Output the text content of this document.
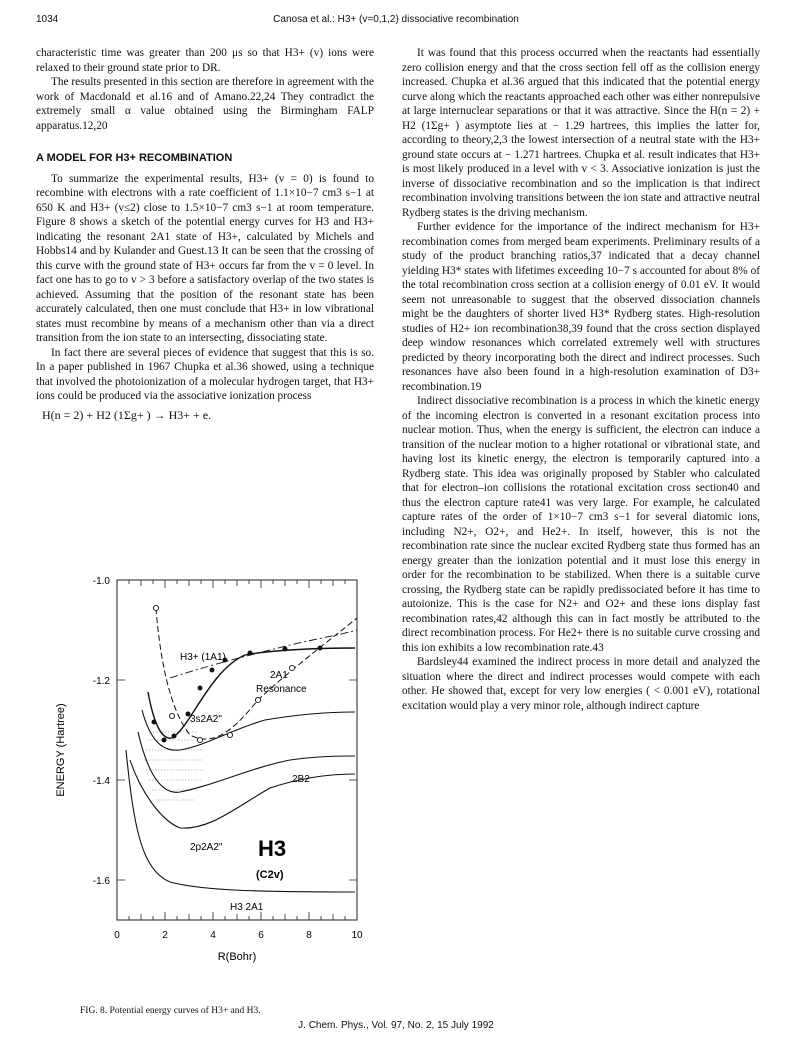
1034	Canosa et al.: H3+ (v=0,1,2) dissociative recombination

characteristic time was greater than 200 μs so that H3+ (v) ions were relaxed to their ground state prior to DR.

The results presented in this section are therefore in agreement with the work of Macdonald et al.16 and of Amano.22,24 They contradict the extremely small α value obtained using the Birmingham FALP apparatus.12,20

A MODEL FOR H3+ RECOMBINATION

To summarize the experimental results, H3+ (v = 0) is found to recombine with electrons with a rate coefficient of 1.1×10−7 cm3 s−1 at 650 K and H3+ (v≤2) close to 1.5×10−7 cm3 s−1 at room temperature. Figure 8 shows a sketch of the potential energy curves for H3 and H3+ indicating the resonant 2A1 state of H3+, calculated by Michels and Hobbs14 and by Kulander and Guest.13 It can be seen that the crossing of this curve with the ground state of H3+ occurs far from the v = 0 level. In fact one has to go to v > 3 before a satisfactory overlap of the two states is achieved. Assuming that the position of the resonant state has been accurately calculated, then one must conclude that H3+ in low vibrational states must recombine by means of a mechanism other than via a direct transition from the ion state to an intersecting, dissociating state.

In fact there are several pieces of evidence that suggest that this is so. In a paper published in 1967 Chupka et al.36 showed, using a technique that involved the photoionization of a molecular hydrogen target, that H3+ ions could be produced via the associative ionization process

H(n = 2) + H2 (1Σg+ ) → H3+ + e.

It was found that this process occurred when the reactants had essentially zero collision energy and that the cross section fell off as the collision energy increased. Chupka et al.36 argued that this indicated that the potential energy curve along which the reactants approached each other was either nonrepulsive at large internuclear separations or that it was attractive. Since the H(n = 2) + H2 (1Σg+ ) asymptote lies at − 1.29 hartrees, this implies the latter for, according to theory,2,3 the lowest intersection of a neutral state with the H3+ ground state occurs at − 1.271 hartrees. Chupka et al. result indicates that H3+ is most likely produced in a level with v < 3. Associative ionization is just the inverse of dissociative recombination and so the implication is that indirect recombination involving transitions between the ion state and attractive neutral Rydberg states is the driving mechanism.

Further evidence for the importance of the indirect mechanism for H3+ recombination comes from merged beam experiments. Preliminary results of a study of the product branching ratios,37 indicated that a decay channel yielding H3* states with lifetimes exceeding 10−7 s accounted for about 8% of the total recombination cross section at a collision energy of 0.01 eV. It would seem not unreasonable to suggest that the observed dissociation channels might be the daughters of shorter lived H3* Rydberg states. High-resolution studies of H2+ ion recombination38,39 found that the cross section displayed deep window resonances which correlated extremely well with structures predicted by theory incorporating both the direct and indirect processes. Such resonances have also been found in a high-resolution examination of D3+ recombination.19

Indirect dissociative recombination is a process in which the kinetic energy of the incoming electron is converted in a resonant excitation process into nuclear motion. Thus, when the energy is sufficient, the electron can induce a transition of the nuclear motion to a higher rotational or vibrational state, and having lost its kinetic energy, the electron is temporarily captured into a Rydberg state. This idea was originally proposed by Stabler who calculated that for electron–ion collisions the rotational excitation cross section40 and thus the electron capture rate41 was very large. For example, he calculated capture rates of the order of 1×10−7 cm3 s−1 for several diatomic ions, including N2+, O2+, and He2+. In itself, however, this is not the recombination rate since the nuclear excited Rydberg state thus formed has an energy greater than the ionization potential and it must lose this energy in order for the recombination to be stabilized. When there is a suitable curve crossing, the Rydberg state can be rapidly predissociated before it has time to autoionize. This is the case for N2+ and O2+ and these ions display fast recombination rates,42 although this can in fact mostly be attributed to the direct recombination process. For He2+ there is no suitable curve crossing and this ion exhibits a low recombination rate.43

Bardsley44 examined the indirect process in more detail and analyzed the situation where the direct and indirect processes would compete with each other. He showed that, except for very low energies ( < 0.001 eV), rotational excitation would play a very minor role, although indirect capture

0	2	4	6	8	10
-1.0
-1.2
-1.4
-1.6
R(Bohr)
ENERGY (Hartree)
H3+ (1A1)
2A1
Resonance
3s2A2"
2B2
2p2A2" H3
(C2v)
H3 2A1
FIG. 8. Potential energy curves of H3+ and H3.
J. Chem. Phys., Vol. 97, No. 2, 15 July 1992
